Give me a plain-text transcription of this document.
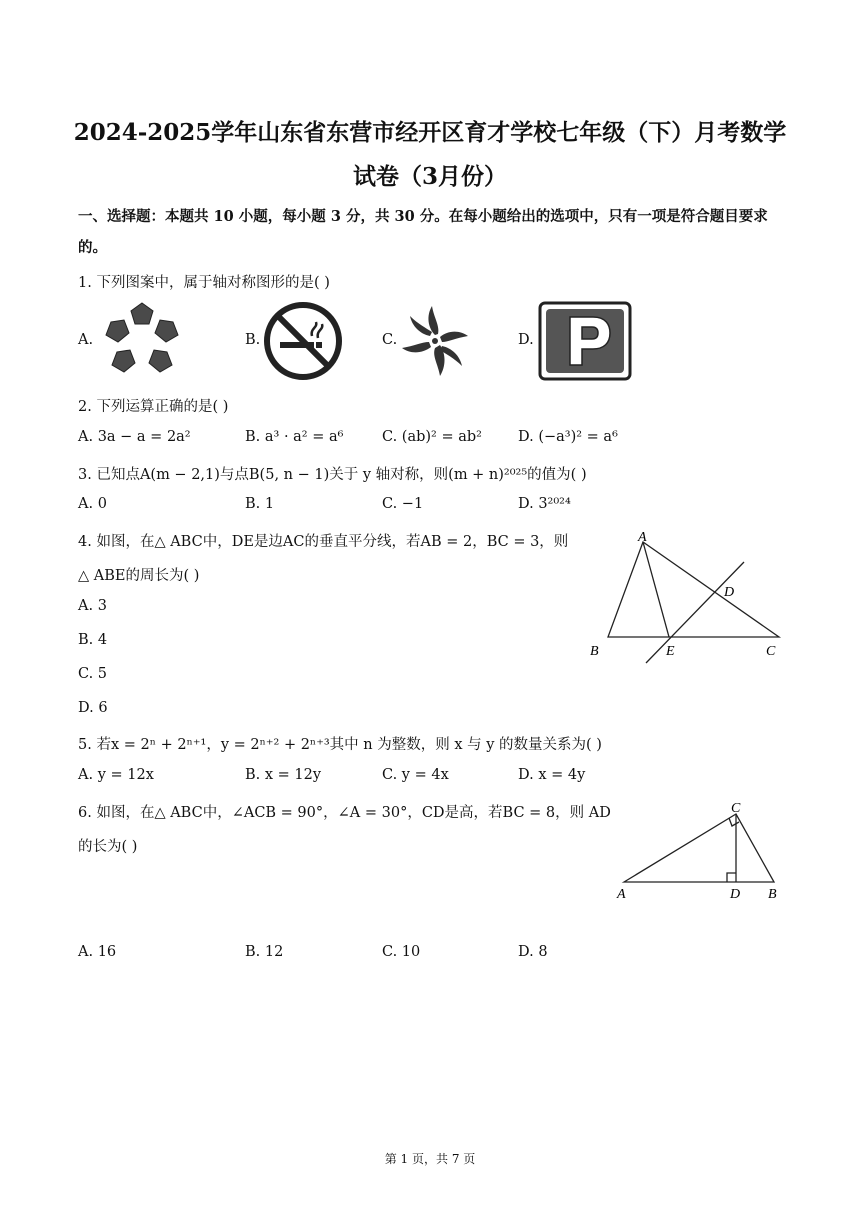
2024-2025学年山东省东营市经开区育才学校七年级（下）月考数学
试卷（3月份）
一、选择题：本题共 10 小题，每小题 3 分，共 30 分。在每小题给出的选项中，只有一项是符合题目要求
的。
1. 下列图案中，属于轴对称图形的是( )
A.	B.	C.	D.
2. 下列运算正确的是( )
A. 3a − a = 2a²	B. a³ · a² = a⁶	C. (ab)² = ab² D. (−a³)² = a⁶
3. 已知点A(m − 2,1)与点B(5, n − 1)关于 y 轴对称，则(m + n)²⁰²⁵的值为( )
A. 0	B. 1	C. −1	D. 3²⁰²⁴
4. 如图，在△ ABC中，DE是边AC的垂直平分线，若AB = 2，BC = 3，则
△ ABE的周长为( )
A. 3
B. 4
C. 5
D. 6
A
B	C
D
E
5. 若x = 2ⁿ + 2ⁿ⁺¹，y = 2ⁿ⁺² + 2ⁿ⁺³其中 n 为整数，则 x 与 y 的数量关系为( )
A. y = 12x	B. x = 12y	C. y = 4x	D. x = 4y
6. 如图，在△ ABC中，∠ACB = 90°，∠A = 30°，CD是高，若BC = 8，则 AD
的长为( )
C
A	D B
A. 16	B. 12	C. 10	D. 8
第 1 页，共 7 页
